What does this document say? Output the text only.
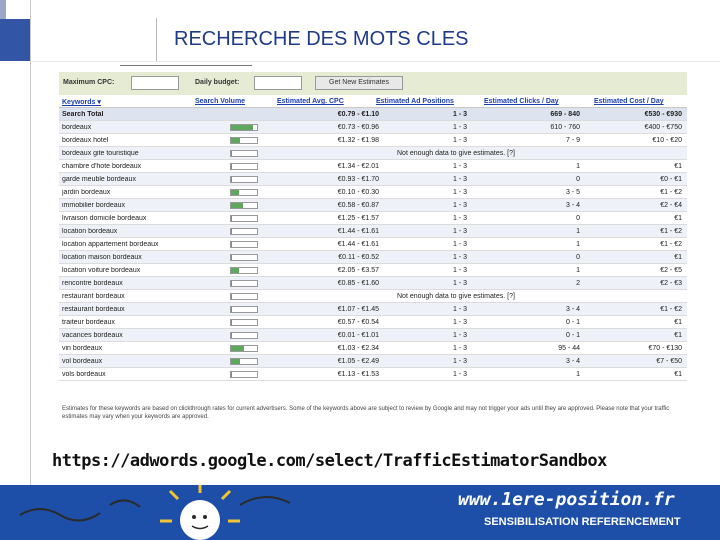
RECHERCHE DES MOTS CLES
Maximum CPC:	Daily budget:	Get New Estimates
Keywords ▾	Search Volume	Estimated Avg. CPC	Estimated Ad Positions	Estimated Clicks / Day	Estimated Cost / Day
Search Total	€0.79 - €1.10	1 - 3	669 - 840	€530 - €930
bordeaux	€0.73 - €0.96	1 - 3	610 - 760	€400 - €750
bordeaux hotel	€1.32 - €1.98	1 - 3	7 - 9	€10 - €20
bordeaux gite touristique	Not enough data to give estimates. [?]
chambre d'hote bordeaux	€1.34 - €2.01	1 - 3	1	€1
garde meuble bordeaux	€0.93 - €1.70	1 - 3	0	€0 - €1
jardin bordeaux	€0.10 - €0.30	1 - 3	3 - 5	€1 - €2
immobilier bordeaux	€0.58 - €0.87	1 - 3	3 - 4	€2 - €4
livraison domicile bordeaux	€1.25 - €1.57	1 - 3	0	€1
location bordeaux	€1.44 - €1.61	1 - 3	1	€1 - €2
location appartement bordeaux	€1.44 - €1.61	1 - 3	1	€1 - €2
location maison bordeaux	€0.11 - €0.52	1 - 3	0	€1
location voiture bordeaux	€2.05 - €3.57	1 - 3	1	€2 - €5
rencontre bordeaux	€0.85 - €1.60	1 - 3	2	€2 - €3
restaurant bordeaux	Not enough data to give estimates. [?]
restaurant bordeaux	€1.07 - €1.45	1 - 3	3 - 4	€1 - €2
traiteur bordeaux	€0.57 - €0.54	1 - 3	0 - 1	€1
vacances bordeaux	€0.01 - €1.01	1 - 3	0 - 1	€1
vin bordeaux	€1.03 - €2.34	1 - 3	95 - 44	€70 - €130
vol bordeaux	€1.05 - €2.49	1 - 3	3 - 4	€7 - €50
vols bordeaux	€1.13 - €1.53	1 - 3	1	€1
Estimates for these keywords are based on clickthrough rates for current advertisers. Some of the keywords above are subject to review by Google and may not trigger your ads until they are approved. Please note that your traffic estimates may vary when your keywords are approved.
https://adwords.google.com/select/TrafficEstimatorSandbox
www.1ere-position.fr
SENSIBILISATION REFERENCEMENT
